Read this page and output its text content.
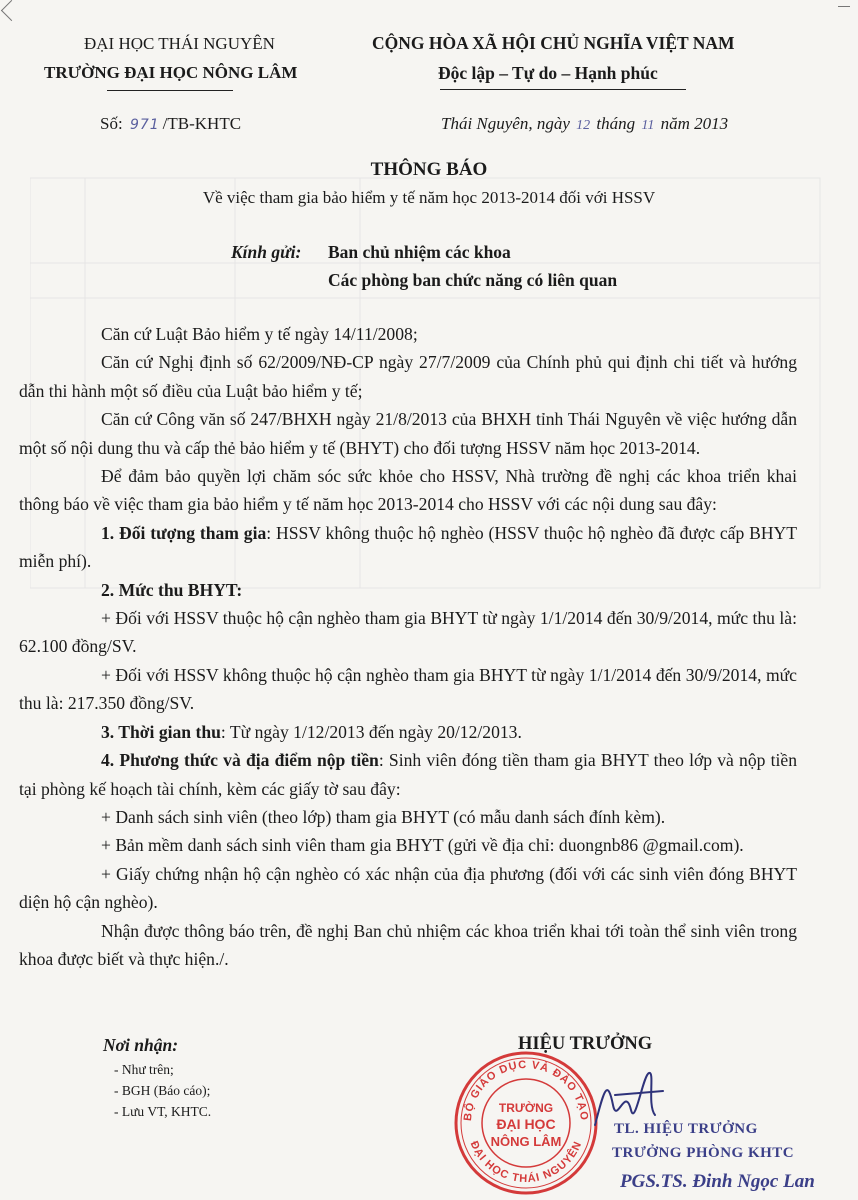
ĐẠI HỌC THÁI NGUYÊN
TRƯỜNG ĐẠI HỌC NÔNG LÂM
CỘNG HÒA XÃ HỘI CHỦ NGHĨA VIỆT NAM
Độc lập – Tự do – Hạnh phúc
Số: 971 /TB-KHTC	Thái Nguyên, ngày 12 tháng 11 năm 2013
THÔNG BÁO
Về việc tham gia bảo hiểm y tế năm học 2013-2014 đối với HSSV
Kính gửi: Ban chủ nhiệm các khoa
Các phòng ban chức năng có liên quan

Căn cứ Luật Bảo hiểm y tế ngày 14/11/2008;

Căn cứ Nghị định số 62/2009/NĐ-CP ngày 27/7/2009 của Chính phủ qui định chi tiết và hướng dẫn thi hành một số điều của Luật bảo hiểm y tế;

Căn cứ Công văn số 247/BHXH ngày 21/8/2013 của BHXH tỉnh Thái Nguyên về việc hướng dẫn một số nội dung thu và cấp thẻ bảo hiểm y tế (BHYT) cho đối tượng HSSV năm học 2013-2014.

Để đảm bảo quyền lợi chăm sóc sức khỏe cho HSSV, Nhà trường đề nghị các khoa triển khai thông báo về việc tham gia bảo hiểm y tế năm học 2013-2014 cho HSSV với các nội dung sau đây:

1. Đối tượng tham gia: HSSV không thuộc hộ nghèo (HSSV thuộc hộ nghèo đã được cấp BHYT miễn phí).

2. Mức thu BHYT:

+ Đối với HSSV thuộc hộ cận nghèo tham gia BHYT từ ngày 1/1/2014 đến 30/9/2014, mức thu là: 62.100 đồng/SV.

+ Đối với HSSV không thuộc hộ cận nghèo tham gia BHYT từ ngày 1/1/2014 đến 30/9/2014, mức thu là: 217.350 đồng/SV.

3. Thời gian thu: Từ ngày 1/12/2013 đến ngày 20/12/2013.

4. Phương thức và địa điểm nộp tiền: Sinh viên đóng tiền tham gia BHYT theo lớp và nộp tiền tại phòng kế hoạch tài chính, kèm các giấy tờ sau đây:

+ Danh sách sinh viên (theo lớp) tham gia BHYT (có mẫu danh sách đính kèm).

+ Bản mềm danh sách sinh viên tham gia BHYT (gửi về địa chỉ: duongnb86 @gmail.com).

+ Giấy chứng nhận hộ cận nghèo có xác nhận của địa phương (đối với các sinh viên đóng BHYT diện hộ cận nghèo).

Nhận được thông báo trên, đề nghị Ban chủ nhiệm các khoa triển khai tới toàn thể sinh viên trong khoa được biết và thực hiện./.

Nơi nhận:
- Như trên;
- BGH (Báo cáo);
- Lưu VT, KHTC.
HIỆU TRƯỞNG
BỘ GIÁO DỤC VÀ ĐÀO TẠO
ĐẠI HỌC THÁI NGUYÊN
TRƯỜNG
ĐẠI HỌC
NÔNG LÂM
TL. HIỆU TRƯỞNG
TRƯỞNG PHÒNG KHTC
PGS.TS. Đinh Ngọc Lan
